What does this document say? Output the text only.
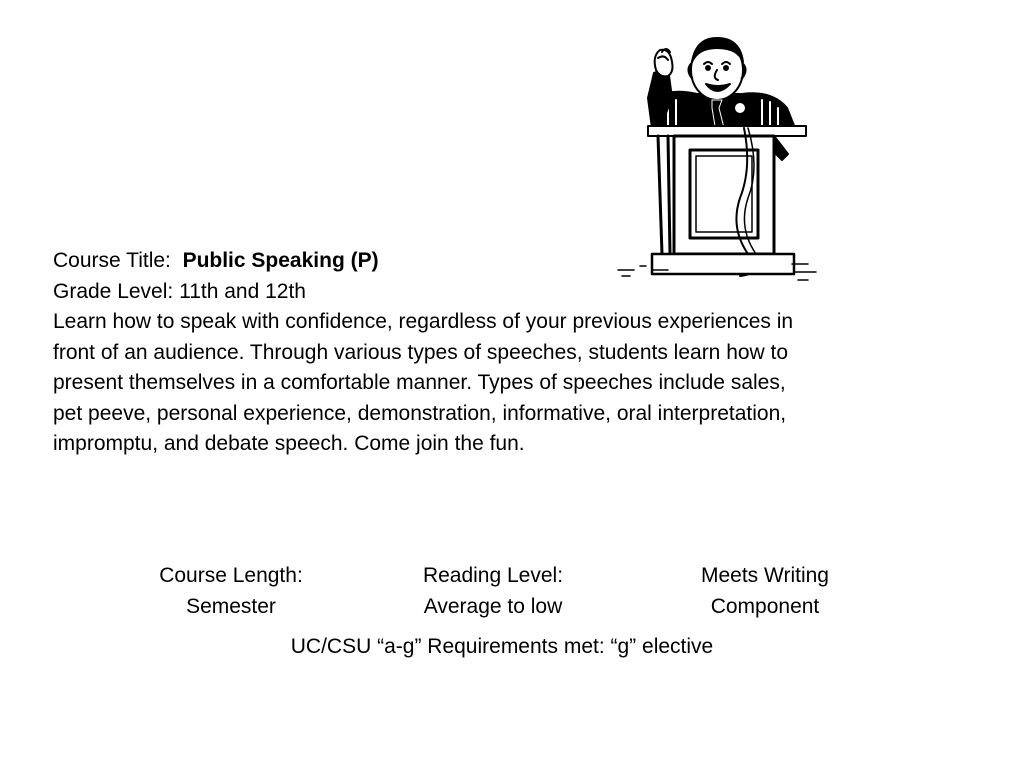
Course Title: Public Speaking (P)
Grade Level: 11th and 12th
Learn how to speak with confidence, regardless of your previous experiences in
front of an audience. Through various types of speeches, students learn how to
present themselves in a comfortable manner. Types of speeches include sales,
pet peeve, personal experience, demonstration, informative, oral interpretation,
impromptu, and debate speech. Come join the fun.
Course Length:
Semester
Reading Level:
Average to low
Meets Writing
Component
UC/CSU “a-g” Requirements met: “g” elective
